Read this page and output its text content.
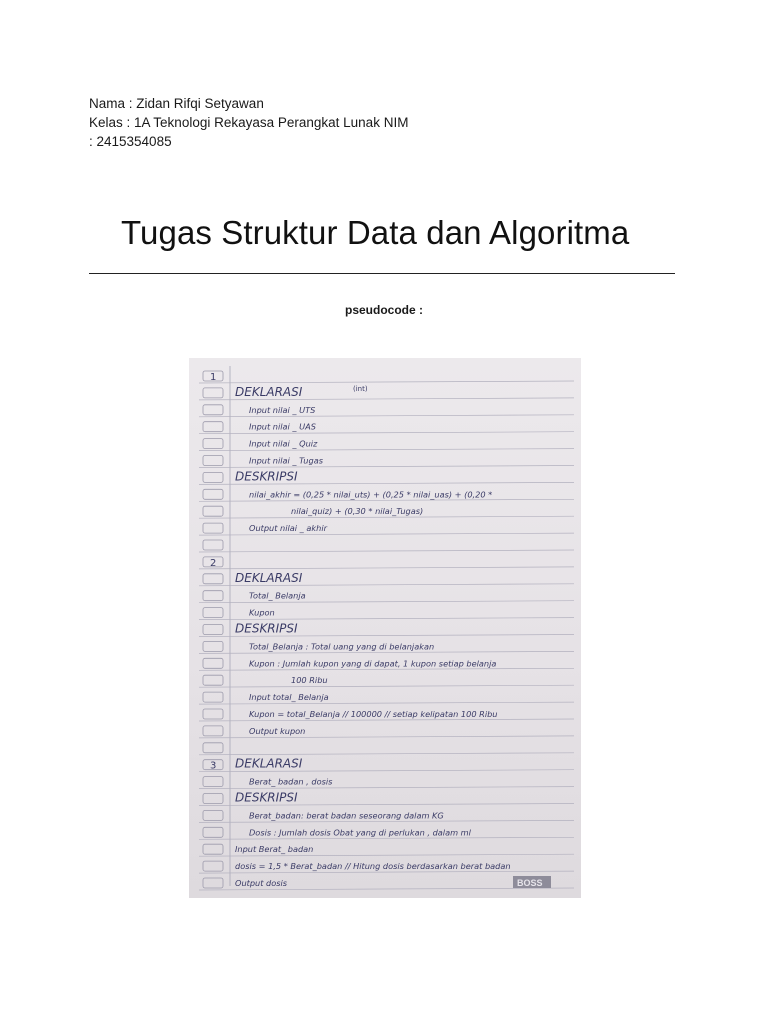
Nama : Zidan Rifqi Setyawan
Kelas : 1A Teknologi Rekayasa Perangkat Lunak NIM
: 2415354085
Tugas Struktur Data dan Algoritma
pseudocode :
1
DEKLARASI	(int)
Input nilai _ UTS
Input nilai _ UAS
Input nilai _ Quiz
Input nilai _ Tugas
DESKRIPSI
nilai_akhir = (0,25 * nilai_uts) + (0,25 * nilai_uas) + (0,20 *
nilai_quiz) + (0,30 * nilai_Tugas)
Output nilai _ akhir
2
DEKLARASI
Total_ Belanja
Kupon
DESKRIPSI
Total_Belanja : Total uang yang di belanjakan
Kupon : Jumlah kupon yang di dapat, 1 kupon setiap belanja
100 Ribu
Input total_ Belanja
Kupon = total_Belanja // 100000 // setiap kelipatan 100 Ribu
Output kupon
3 DEKLARASI
Berat_ badan , dosis
DESKRIPSI
Berat_badan: berat badan seseorang dalam KG
Dosis : Jumlah dosis Obat yang di perlukan , dalam ml
Input Berat_ badan
dosis = 1,5 * Berat_badan // Hitung dosis berdasarkan berat badan
Output dosis	BOSS
